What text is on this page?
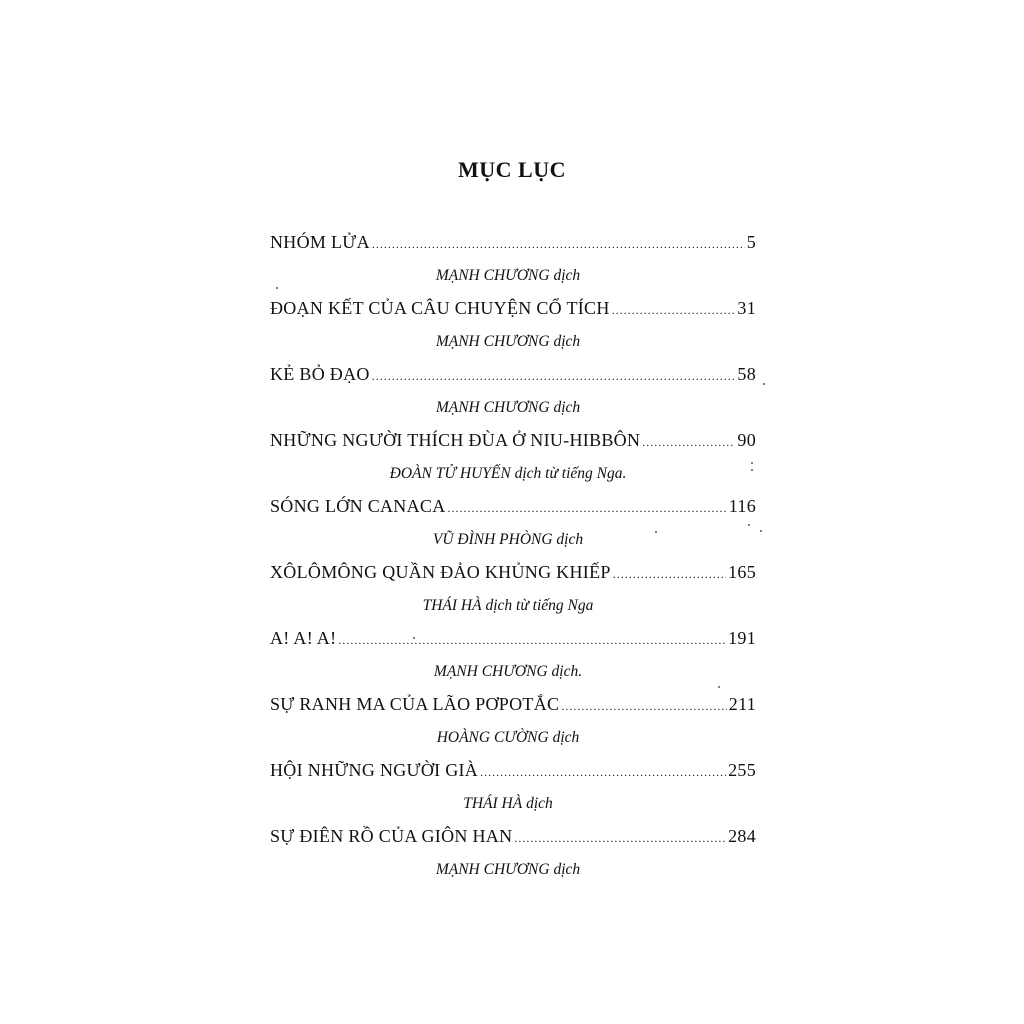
MỤC LỤC
NHÓM LỬA .....	5
MẠNH CHƯƠNG dịch
ĐOẠN KẾT CỦA CÂU CHUYỆN CỔ TÍCH .....	31
MẠNH CHƯƠNG dịch
KẺ BỎ ĐẠO .....	58
MẠNH CHƯƠNG dịch
NHỮNG NGƯỜI THÍCH ĐÙA Ở NIU-HIBBÔN .....	90
ĐOÀN TỬ HUYẾN dịch từ tiếng Nga.
SÓNG LỚN CANACA .....	116
VŨ ĐÌNH PHÒNG dịch
XÔLÔMÔNG QUẦN ĐẢO KHỦNG KHIẾP .....	165
THÁI HÀ dịch từ tiếng Nga
A! A! A! .....	191
MẠNH CHƯƠNG dịch.
SỰ RANH MA CỦA LÃO PƠPOTẮC .....	211
HOÀNG CƯỜNG dịch
HỘI NHỮNG NGƯỜI GIÀ .....	255
THÁI HÀ dịch
SỰ ĐIÊN RỒ CỦA GIÔN HAN .....	284
MẠNH CHƯƠNG dịch
